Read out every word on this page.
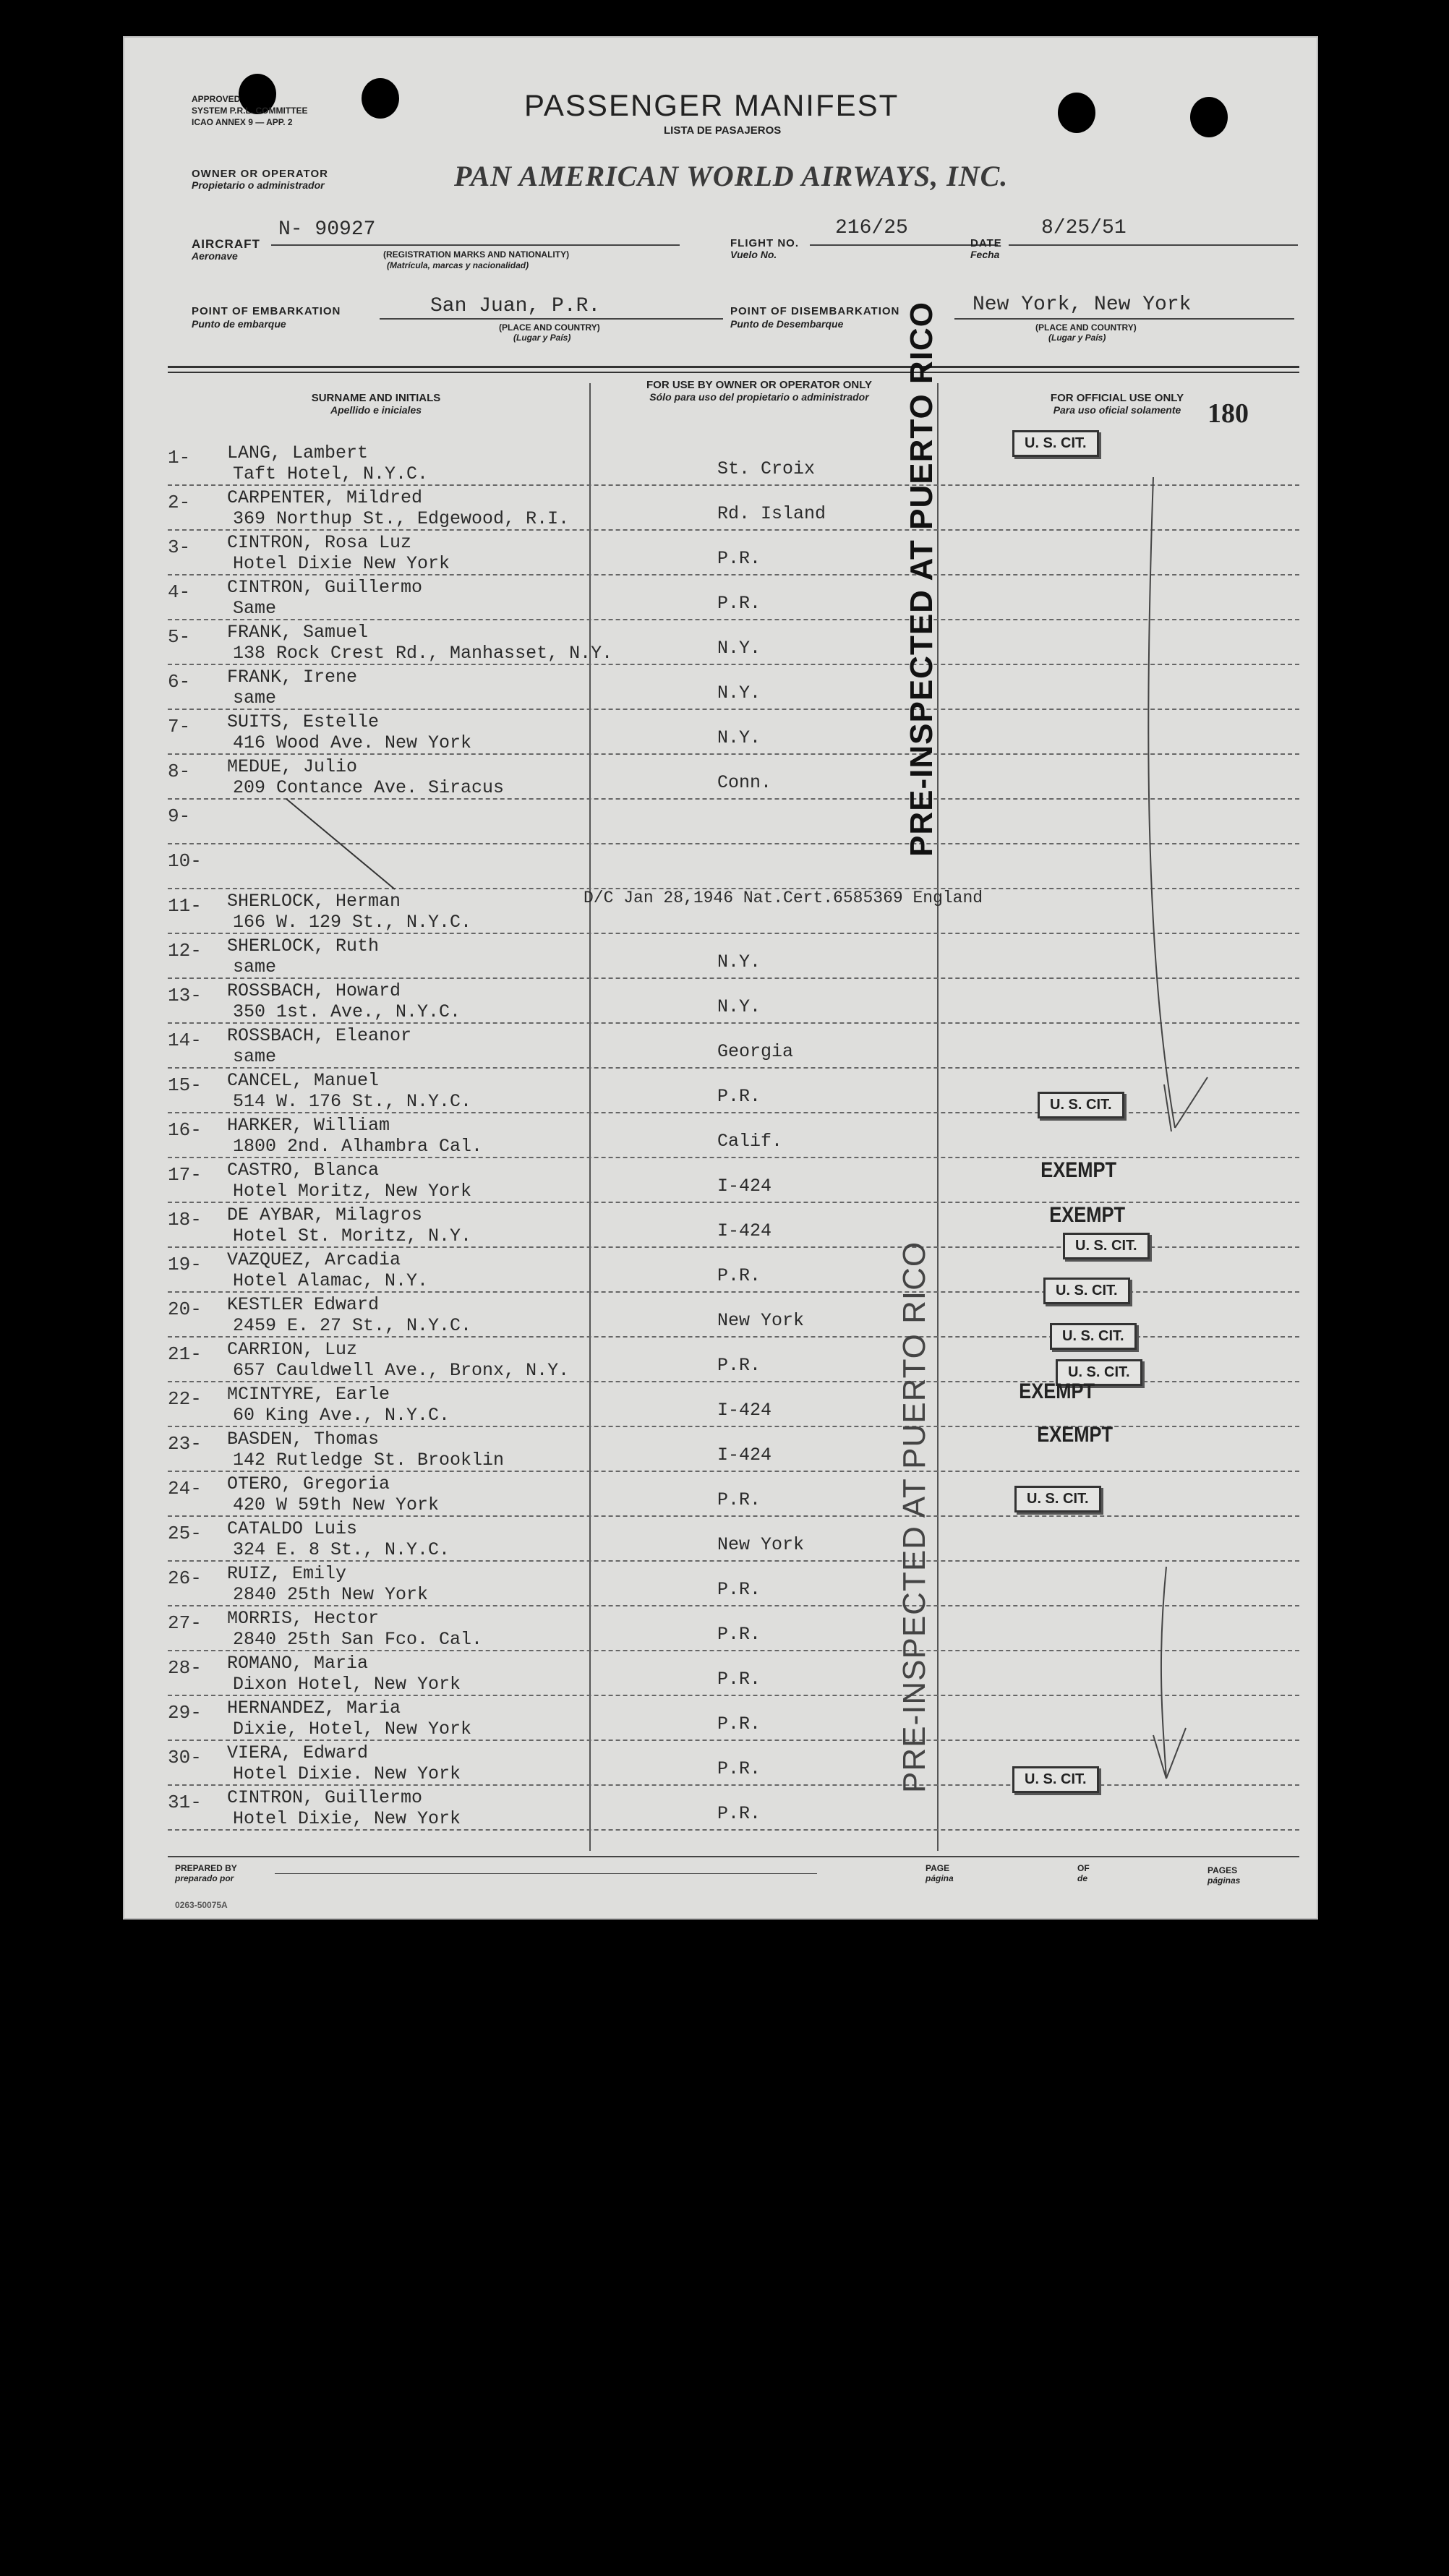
APPROVED
SYSTEM P.R.L. COMMITTEE
ICAO ANNEX 9 — APP. 2	PASSENGER MANIFEST
LISTA DE PASAJEROS
OWNER OR OPERATOR
Propietario o administrador	PAN AMERICAN WORLD AIRWAYS, INC.
AIRCRAFT
Aeronave
N- 90927
(REGISTRATION MARKS AND NATIONALITY)
(Matrícula, marcas y nacionalidad)
FLIGHT NO.
Vuelo No.
216/25
DATE
Fecha
8/25/51
POINT OF EMBARKATION
Punto de embarque
San Juan, P.R.
(PLACE AND COUNTRY)
(Lugar y País)
POINT OF DISEMBARKATION
Punto de Desembarque
New York, New York
(PLACE AND COUNTRY)
(Lugar y País)
SURNAME AND INITIALS
Apellido e iniciales
FOR USE BY OWNER OR OPERATOR ONLY
Sólo para uso del propietario o administrador	FOR OFFICIAL USE ONLY
Para uso oficial solamente 180
1- LANG, Lambert
Taft Hotel, N.Y.C.	St. Croix
2- CARPENTER, Mildred
369 Northup St., Edgewood, R.I.	Rd. Island
3- CINTRON, Rosa Luz
Hotel Dixie New York	P.R.
4- CINTRON, Guillermo
Same	P.R.
5- FRANK, Samuel
138 Rock Crest Rd., Manhasset, N.Y.	N.Y.
6- FRANK, Irene
same	N.Y.
7- SUITS, Estelle
416 Wood Ave. New York	N.Y.
8- MEDUE, Julio
209 Contance Ave. Siracus	Conn.
9-
10-
11- SHERLOCK, Herman
166 W. 129 St., N.Y.C.
D/C Jan 28,1946 Nat.Cert.6585369 England
12- SHERLOCK, Ruth
same	N.Y.
13- ROSSBACH, Howard
350 1st. Ave., N.Y.C.	N.Y.
14- ROSSBACH, Eleanor
same	Georgia
15- CANCEL, Manuel
514 W. 176 St., N.Y.C.	P.R.
16- HARKER, William
1800 2nd. Alhambra Cal.	Calif.
17- CASTRO, Blanca
Hotel Moritz, New York	I-424
18- DE AYBAR, Milagros
Hotel St. Moritz, N.Y.	I-424
19- VAZQUEZ, Arcadia
Hotel Alamac, N.Y.	P.R.
20- KESTLER Edward
2459 E. 27 St., N.Y.C.	New York
21- CARRION, Luz
657 Cauldwell Ave., Bronx, N.Y.	P.R.
22- MCINTYRE, Earle
60 King Ave., N.Y.C.	I-424
23- BASDEN, Thomas
142 Rutledge St. Brooklin	I-424
24- OTERO, Gregoria
420 W 59th New York	P.R.
25- CATALDO Luis
324 E. 8 St., N.Y.C.	New York
26- RUIZ, Emily
2840 25th New York	P.R.
27- MORRIS, Hector
2840 25th San Fco. Cal.	P.R.
28- ROMANO, Maria
Dixon Hotel, New York	P.R.
29- HERNANDEZ, Maria
Dixie, Hotel, New York	P.R.
30- VIERA, Edward
Hotel Dixie. New York	P.R.
31- CINTRON, Guillermo
Hotel Dixie, New York	P.R.
U. S. CIT.
U. S. CIT.
U. S. CIT.
U. S. CIT.
U. S. CIT.
U. S. CIT.
U. S. CIT.
U. S. CIT.
EXEMPT
EXEMPT
EXEMPT
EXEMPT
PRE-INSPECTED AT PUERTO RICO
PRE-INSPECTED AT PUERTO RICO
PREPARED BY
preparado por
PAGE
página
OF
de
PAGES
páginas
0263-50075A
